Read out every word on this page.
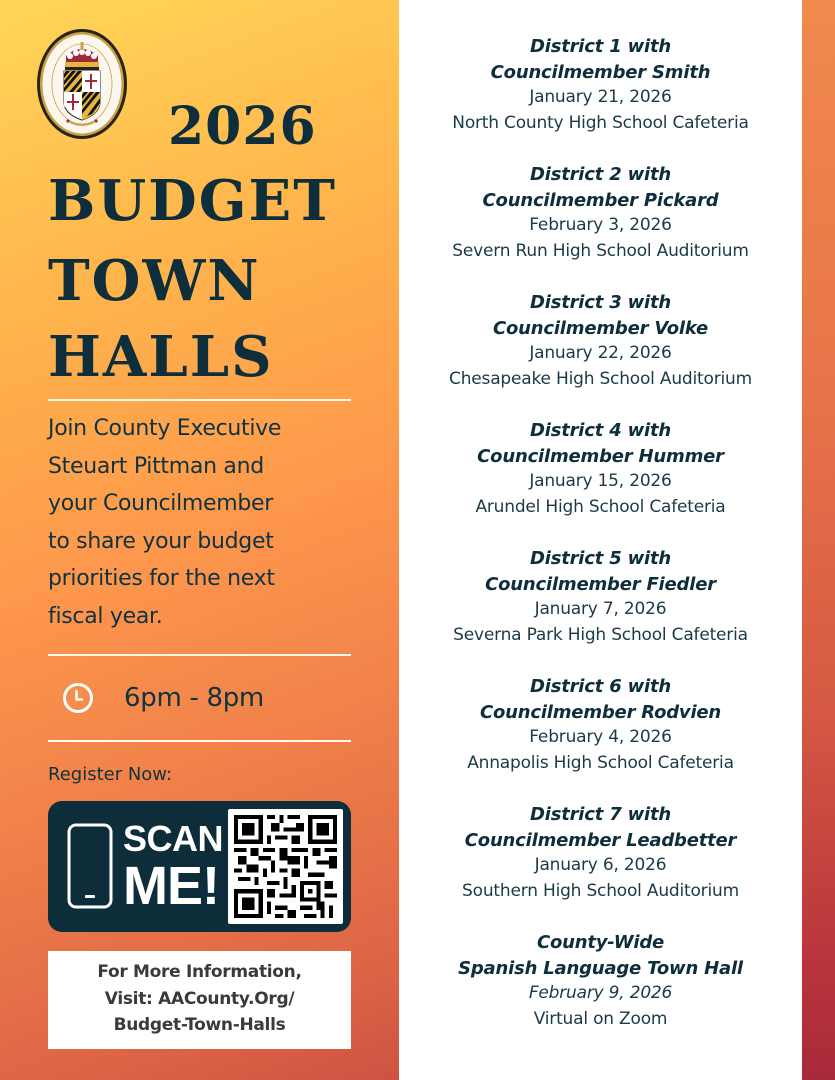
2026
BUDGET
TOWN
HALLS
Join County Executive
Steuart Pittman and
your Councilmember
to share your budget
priorities for the next
fiscal year.
6pm - 8pm
Register Now:
SCAN
ME!
For More Information,
Visit: AACounty.Org/
Budget-Town-Halls
District 1 with
Councilmember Smith
January 21, 2026
North County High School Cafeteria
District 2 with
Councilmember Pickard
February 3, 2026
Severn Run High School Auditorium
District 3 with
Councilmember Volke
January 22, 2026
Chesapeake High School Auditorium
District 4 with
Councilmember Hummer
January 15, 2026
Arundel High School Cafeteria
District 5 with
Councilmember Fiedler
January 7, 2026
Severna Park High School Cafeteria
District 6 with
Councilmember Rodvien
February 4, 2026
Annapolis High School Cafeteria
District 7 with
Councilmember Leadbetter
January 6, 2026
Southern High School Auditorium
County-Wide
Spanish Language Town Hall
February 9, 2026
Virtual on Zoom
